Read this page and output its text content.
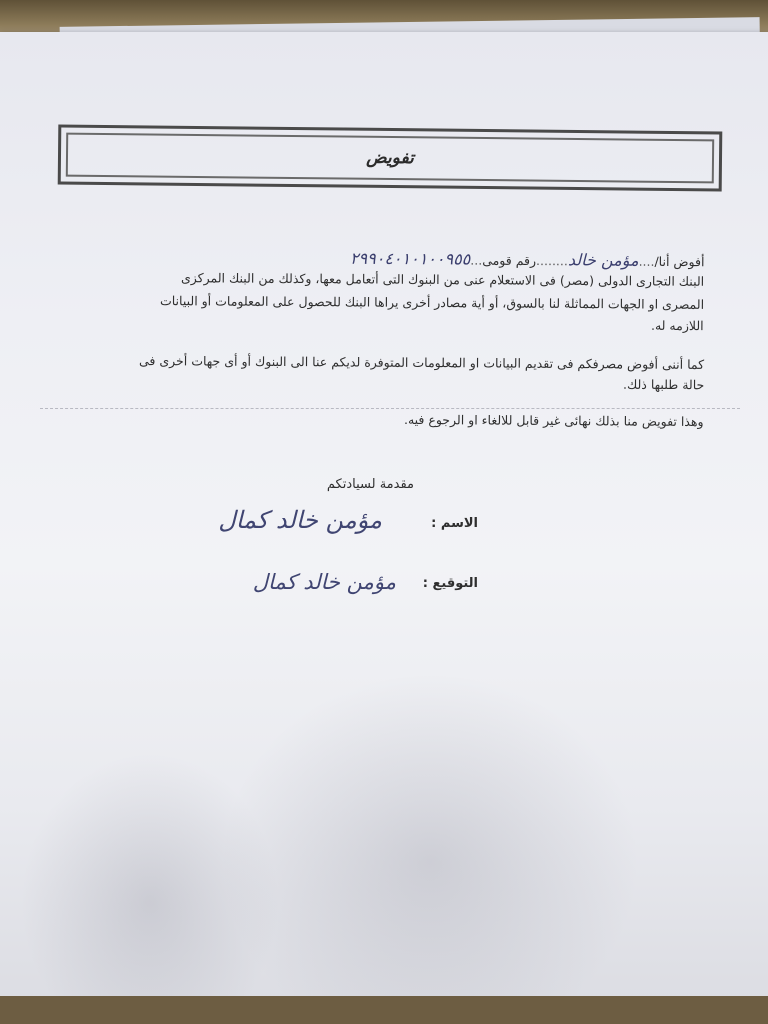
تفويض
أفوض أنا/....مؤمن خالد........رقم قومى...٢٩٩٠٤٠١٠١٠٠٩٥٥
البنك التجارى الدولى (مصر) فى الاستعلام عنى من البنوك التى أتعامل معها، وكذلك من البنك المركزى
المصرى او الجهات المماثلة لنا بالسوق، أو أية مصادر أخرى يراها البنك للحصول على المعلومات أو البيانات
اللازمه له.
كما أننى أفوض مصرفكم فى تقديم البيانات او المعلومات المتوفرة لديكم عنا الى البنوك أو أى جهات أخرى فى
حالة طلبها ذلك.
وهذا تفويض منا بذلك نهائى غير قابل للالغاء او الرجوع فيه.
مقدمة لسيادتكم
الاسم :
مؤمن خالد كمال
التوقيع :
مؤمن خالد كمال
